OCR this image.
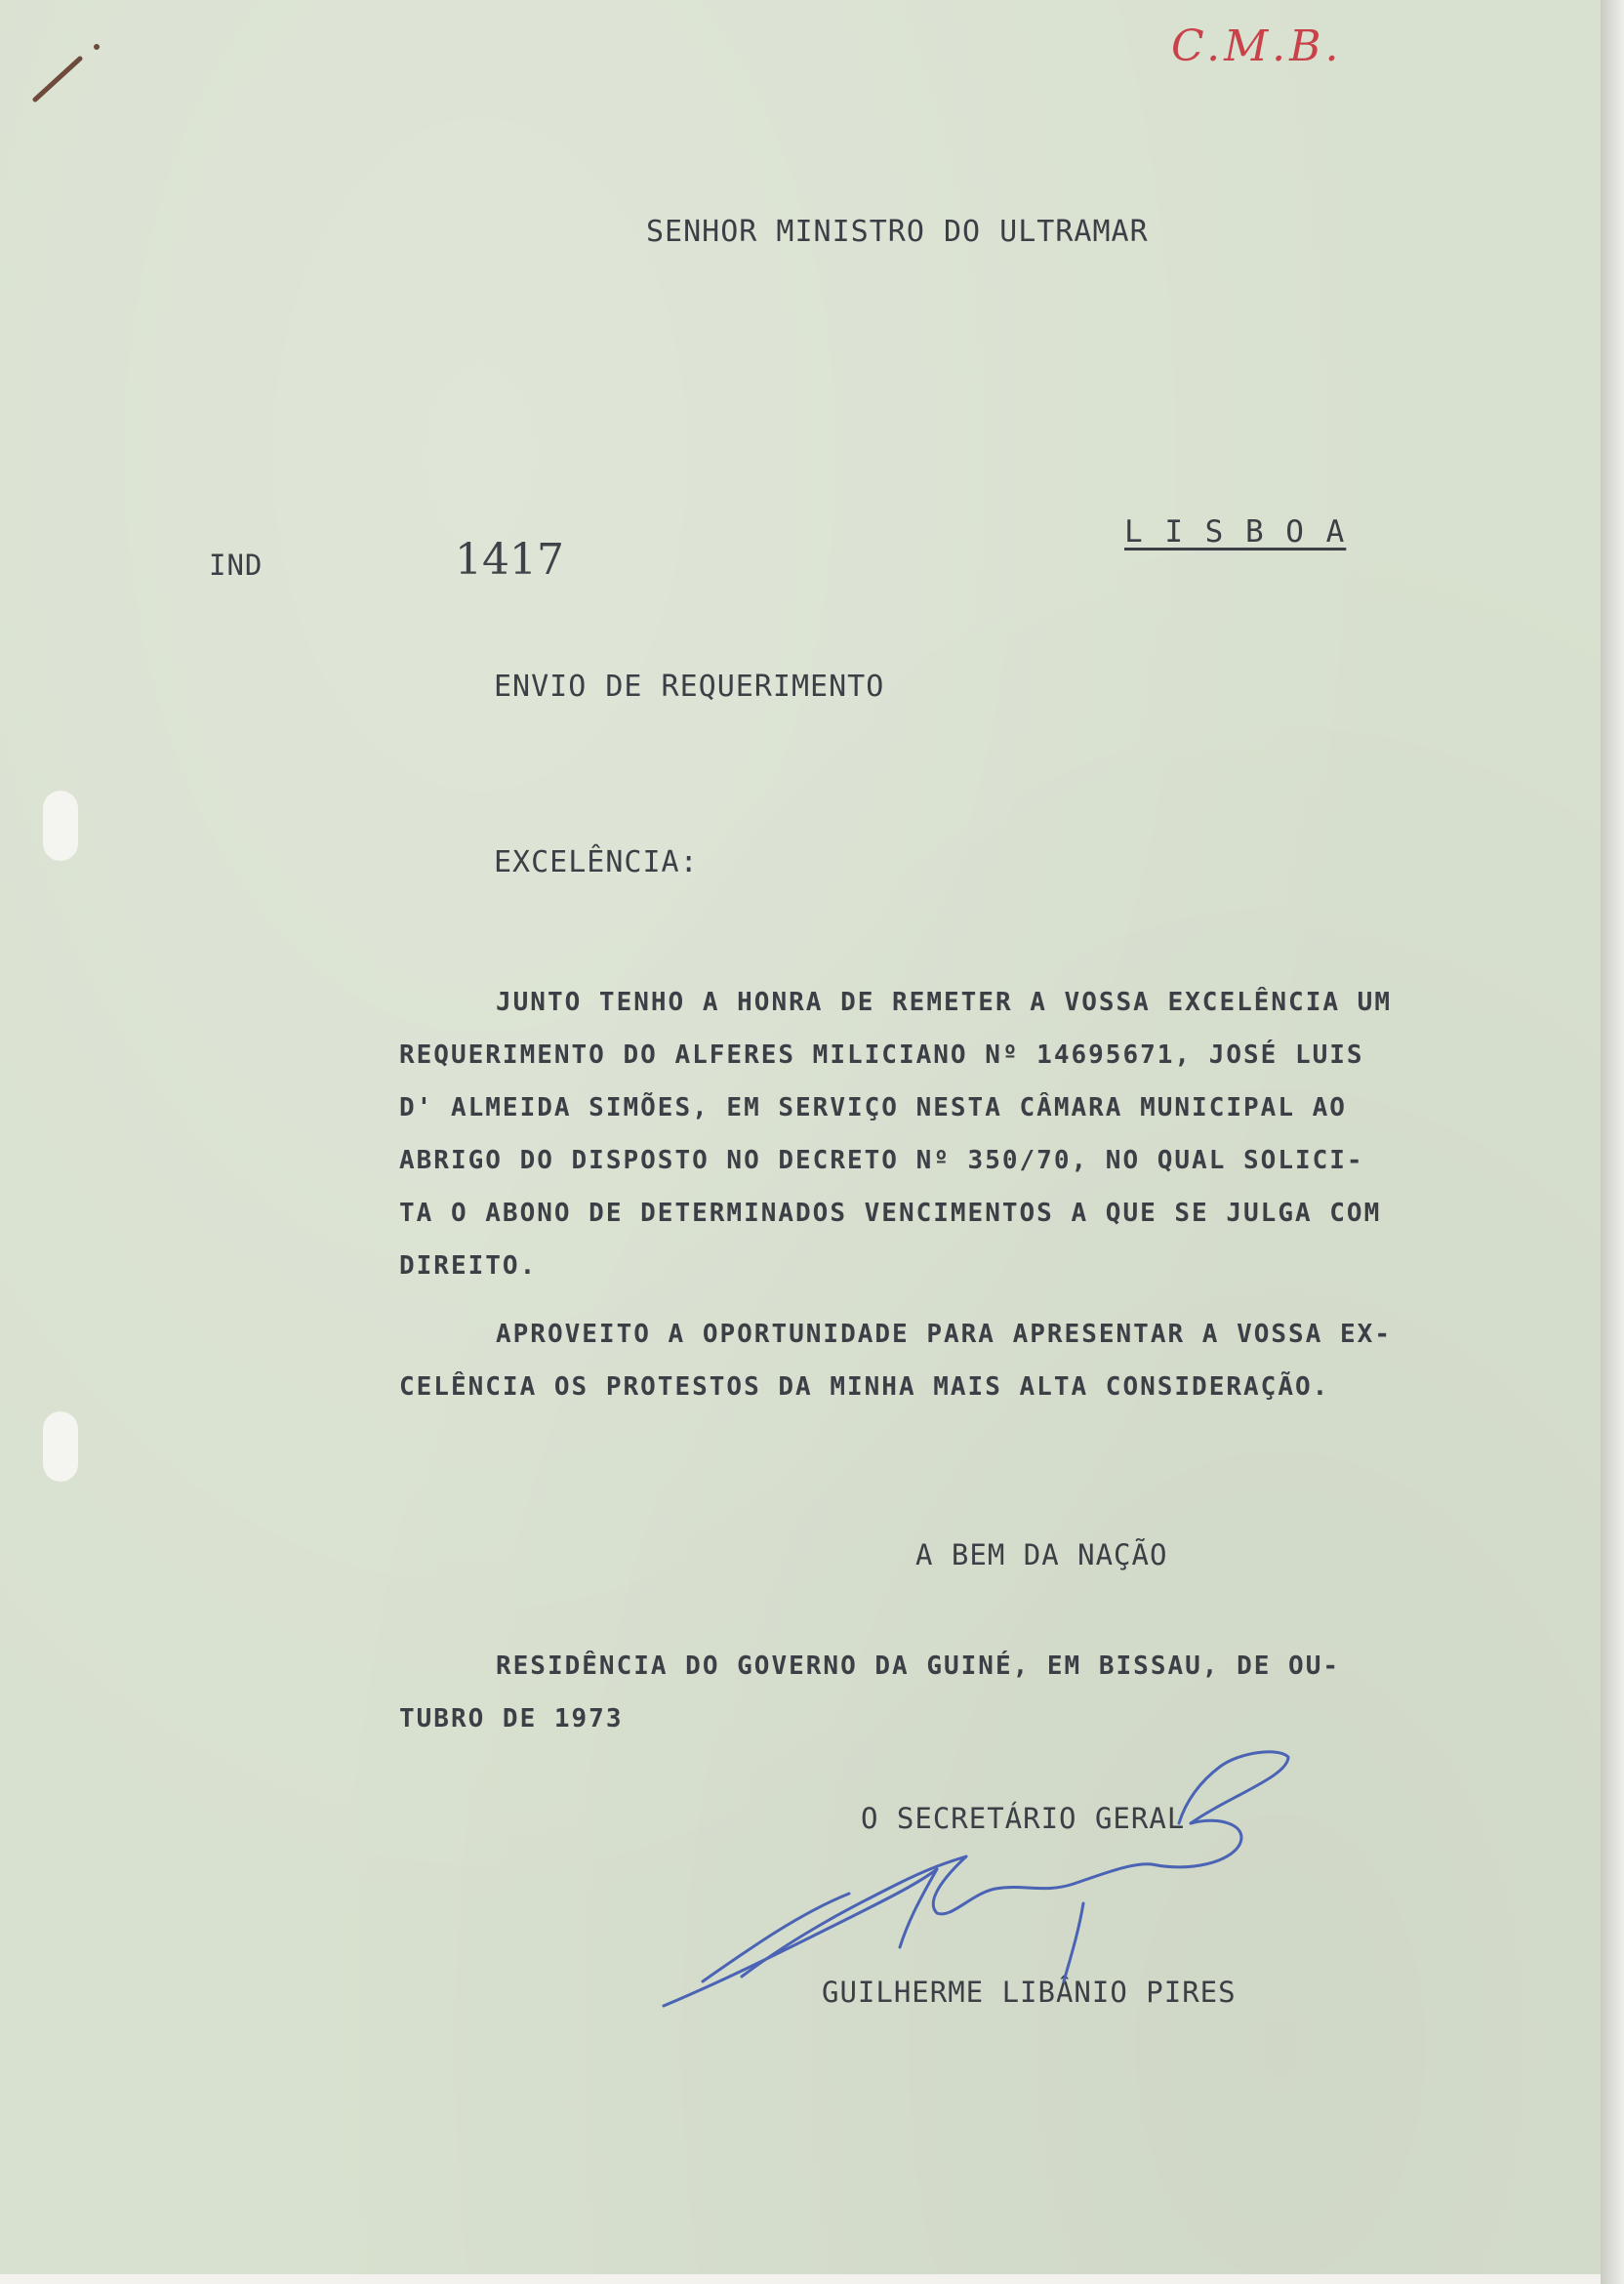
C.M.B.

SENHOR MINISTRO DO ULTRAMAR

L I S B O A

IND	1417

ENVIO DE REQUERIMENTO

EXCELÊNCIA:

JUNTO TENHO A HONRA DE REMETER A VOSSA EXCELÊNCIA UM

REQUERIMENTO DO ALFERES MILICIANO Nº 14695671, JOSÉ LUIS

D' ALMEIDA SIMÕES, EM SERVIÇO NESTA CÂMARA MUNICIPAL AO

ABRIGO DO DISPOSTO NO DECRETO Nº 350/70, NO QUAL SOLICI-

TA O ABONO DE DETERMINADOS VENCIMENTOS A QUE SE JULGA COM

DIREITO.

APROVEITO A OPORTUNIDADE PARA APRESENTAR A VOSSA EX-

CELÊNCIA OS PROTESTOS DA MINHA MAIS ALTA CONSIDERAÇÃO.

A BEM DA NAÇÃO

RESIDÊNCIA DO GOVERNO DA GUINÉ, EM BISSAU, DE OU-

TUBRO DE 1973

O SECRETÁRIO GERAL

GUILHERME LIBÂNIO PIRES
